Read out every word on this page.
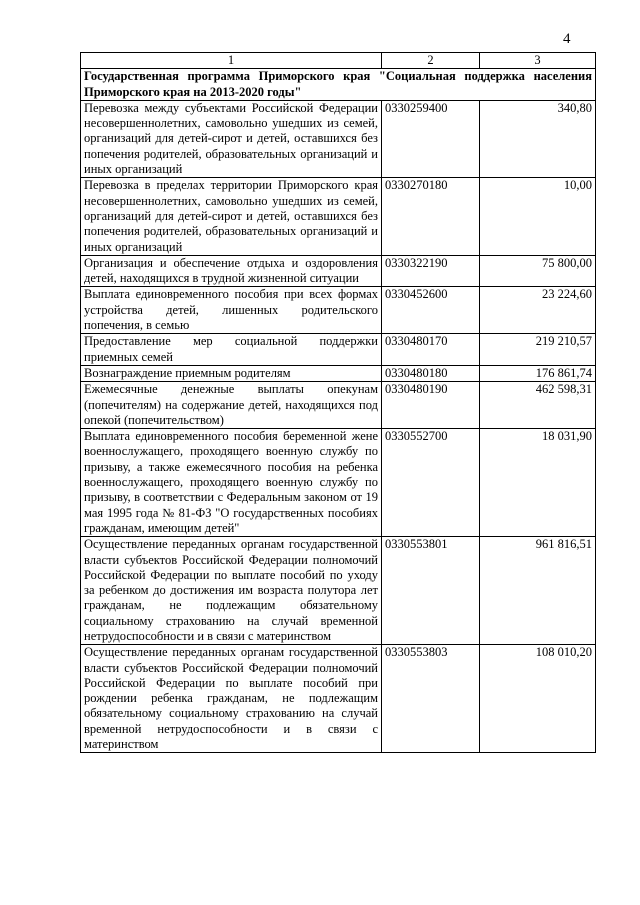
4
1	2	3
Государственная программа Приморского края "Социальная поддержка населения Приморского края на 2013-2020 годы"		
Перевозка между субъектами Российской Федерации несовершеннолетних, самовольно ушедших из семей, организаций для детей-сирот и детей, оставшихся без попечения родителей, образовательных организаций и иных организаций	0330259400	340,80
Перевозка в пределах территории Приморского края несовершеннолетних, самовольно ушедших из семей, организаций для детей-сирот и детей, оставшихся без попечения родителей, образовательных организаций и иных организаций	0330270180	10,00
Организация и обеспечение отдыха и оздоровления детей, находящихся в трудной жизненной ситуации	0330322190	75 800,00
Выплата единовременного пособия при всех формах устройства детей, лишенных родительского попечения, в семью	0330452600	23 224,60
Предоставление мер социальной поддержки приемных семей	0330480170	219 210,57
Вознаграждение приемным родителям	0330480180	176 861,74
Ежемесячные денежные выплаты опекунам (попечителям) на содержание детей, находящихся под опекой (попечительством)	0330480190	462 598,31
Выплата единовременного пособия беременной жене военнослужащего, проходящего военную службу по призыву, а также ежемесячного пособия на ребенка военнослужащего, проходящего военную службу по призыву, в соответствии с Федеральным законом от 19 мая 1995 года № 81-ФЗ "О государственных пособиях гражданам, имеющим детей"	0330552700	18 031,90
Осуществление переданных органам государственной власти субъектов Российской Федерации полномочий Российской Федерации по выплате пособий по уходу за ребенком до достижения им возраста полутора лет гражданам, не подлежащим обязательному социальному страхованию на случай временной нетрудоспособности и в связи с материнством	0330553801	961 816,51
Осуществление переданных органам государственной власти субъектов Российской Федерации полномочий Российской Федерации по выплате пособий при рождении ребенка гражданам, не подлежащим обязательному социальному страхованию на случай временной нетрудоспособности и в связи с материнством	0330553803	108 010,20
